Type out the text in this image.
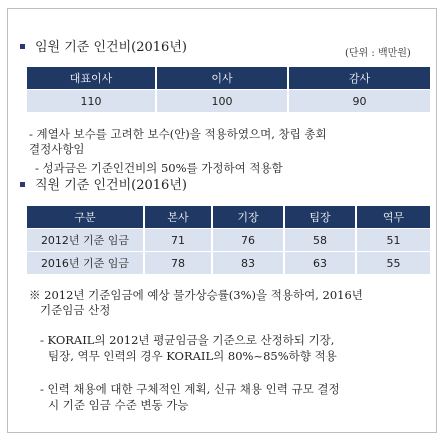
임원 기준 인건비(2016년)	(단위 : 백만원)
대표이사	이사	감사
110	100	90
- 계열사 보수를 고려한 보수(안)을 적용하였으며, 창립 총회
결정사항임
- 성과금은 기준인건비의 50%를 가정하여 적용함
직원 기준 인건비(2016년)
구분	본사	기장	팀장	역무
2012년 기준 임금	71	76	58	51
2016년 기준 임금	78	83	63	55
※ 2012년 기준임금에 예상 물가상승률(3%)을 적용하여, 2016년
기준임금 산정
- KORAIL의 2012년 평균임금을 기준으로 산정하되 기장,
팀장, 역무 인력의 경우 KORAIL의 80%~85%하향 적용
- 인력 채용에 대한 구체적인 계획, 신규 채용 인력 규모 결정
시 기준 임금 수준 변동 가능
